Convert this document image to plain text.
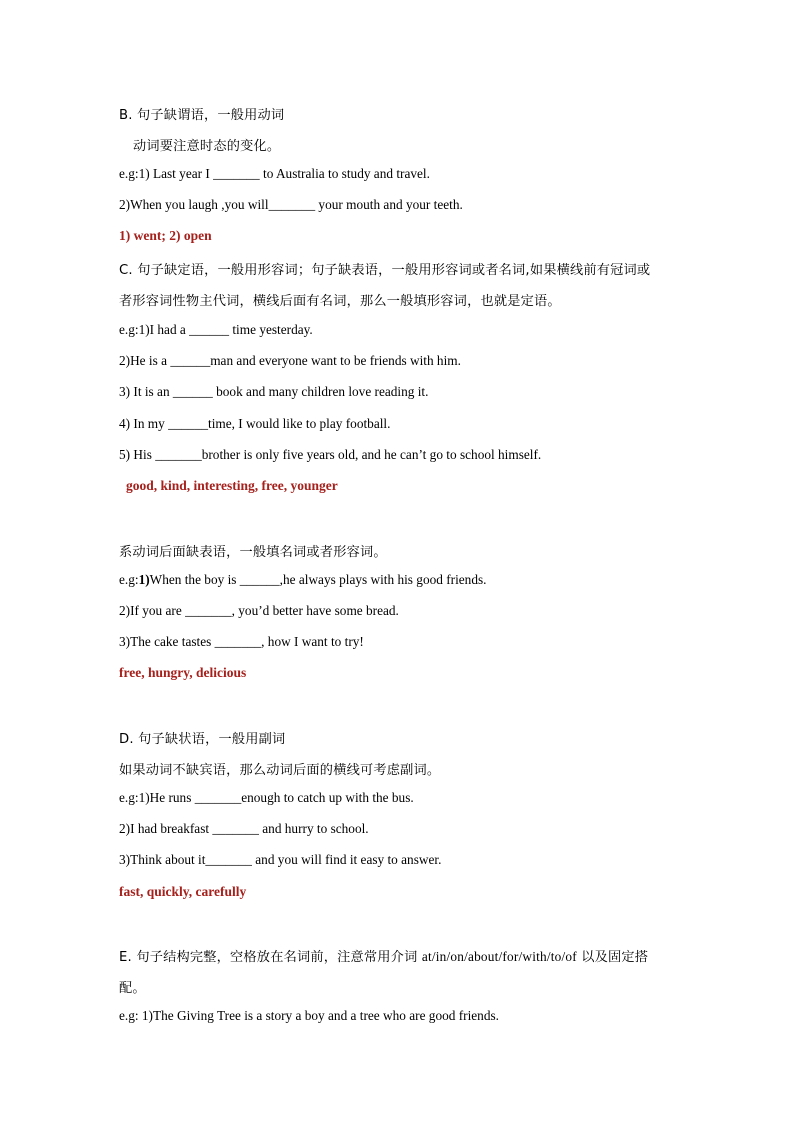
B. 句子缺谓语，一般用动词
动词要注意时态的变化。
e.g:1) Last year I _______ to Australia to study and travel.
2)When you laugh ,you will_______ your mouth and your teeth.
1) went; 2) open
C. 句子缺定语，一般用形容词；句子缺表语，一般用形容词或者名词,如果横线前有冠词或
者形容词性物主代词，横线后面有名词，那么一般填形容词，也就是定语。
e.g:1)I had a ______ time yesterday.
2)He is a ______man and everyone want to be friends with him.
3) It is an ______ book and many children love reading it.
4) In my ______time, I would like to play football.
5) His _______brother is only five years old, and he can’t go to school himself.
good, kind, interesting, free, younger
系动词后面缺表语，一般填名词或者形容词。
e.g:1)When the boy is ______,he always plays with his good friends.
2)If you are _______, you’d better have some bread.
3)The cake tastes _______, how I want to try!
free, hungry, delicious
D. 句子缺状语，一般用副词
如果动词不缺宾语，那么动词后面的横线可考虑副词。
e.g:1)He runs _______enough to catch up with the bus.
2)I had breakfast _______ and hurry to school.
3)Think about it_______ and you will find it easy to answer.
fast, quickly, carefully
E. 句子结构完整，空格放在名词前，注意常用介词 at/in/on/about/for/with/to/of 以及固定搭
配。
e.g: 1)The Giving Tree is a story a boy and a tree who are good friends.
